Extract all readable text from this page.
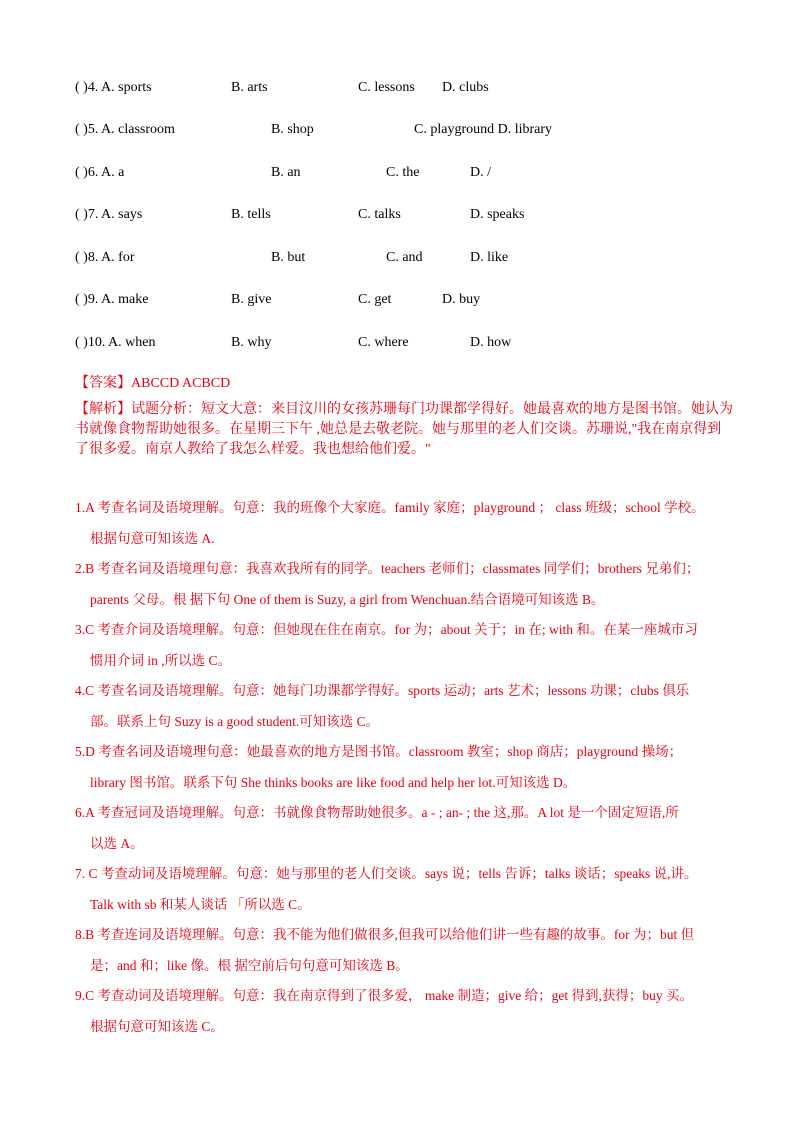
( )4. A. sports	B. arts	C. lessons D. clubs
( )5. A. classroom	B. shop	C. playground D. library
( )6. A. a	B. an	C. the	D. /
( )7. A. says	B. tells	C. talks	D. speaks
( )8. A. for	B. but	C. and	D. like
( )9. A. make	B. give	C. get	D. buy
( )10. A. when	B. why	C. where	D. how
【答案】ABCCD ACBCD
【解析】试题分析：短文大意：来目汶川的女孩苏珊每门功课都学得好。她最喜欢的地方是图书馆。她认为书就像食物帮助她很多。在星期三下午 ,她总是去敬老院。她与那里的老人们交谈。苏珊说,"我在南京得到了很多爱。南京人教给了我怎么样爱。我也想给他们爱。"
1.A 考查名词及语境理解。句意：我的班像个大家庭。family 家庭；playground ； class 班级；school 学校。
根据句意可知该选 A.
2.B 考查名词及语境理句意：我喜欢我所有的同学。teachers 老师们；classmates 同学们；brothers 兄弟们；
parents 父母。根 据下句 One of them is Suzy, a girl from Wenchuan.结合语境可知该选 B。
3.C 考查介词及语境理解。句意：但她现在住在南京。for 为；about 关于；in 在; with 和。在某一座城市习
惯用介词 in ,所以选 C。
4.C 考查名词及语境理解。句意：她每门功课都学得好。sports 运动；arts 艺术；lessons 功课；clubs 俱乐
部。联系上句 Suzy is a good student.可知该选 C。
5.D 考查名词及语境理句意：她最喜欢的地方是图书馆。classroom 教室；shop 商店；playground 操场；
library 图书馆。联系下句 She thinks books are like food and help her lot.可知该选 D。
6.A 考查冠词及语境理解。句意：书就像食物帮助她很多。a - ; an- ; the 这,那。A lot 是一个固定短语,所
以选 A。
7. C 考查动词及语境理解。句意：她与那里的老人们交谈。says 说；tells 告诉；talks 谈话；speaks 说,讲。
Talk with sb 和某人谈话 「所以选 C。
8.B 考查连词及语境理解。句意：我不能为他们做很多,但我可以给他们讲一些有趣的故事。for 为；but 但
是；and 和；like 像。根 据空前后句句意可知该选 B。
9.C 考查动词及语境理解。句意：我在南京得到了很多爱， make 制造；give 给；get 得到,获得；buy 买。
根据句意可知该选 C。
